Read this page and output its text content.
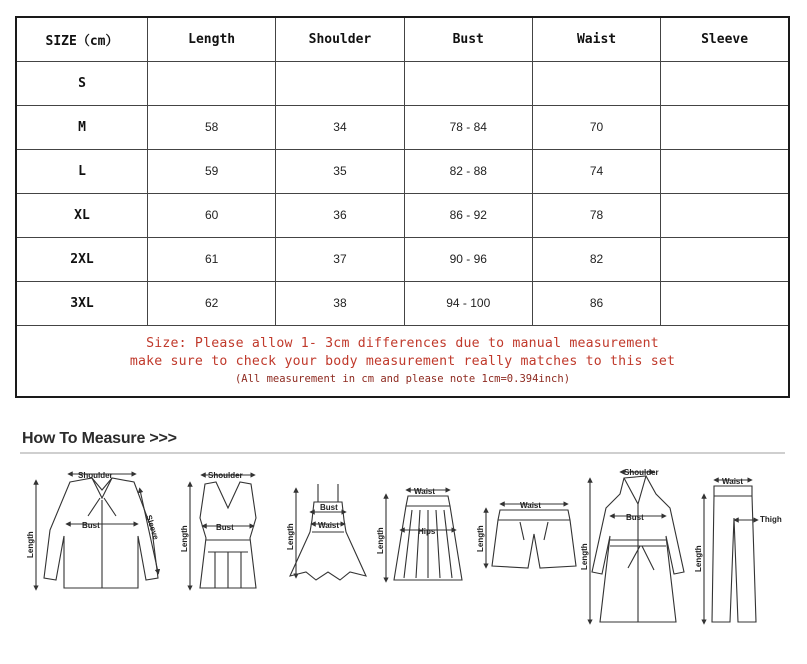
SIZE（cm）	Length	Shoulder	Bust	Waist	Sleeve
S					
M	58	34	78 - 84	70	
L	59	35	82 - 88	74	
XL	60	36	86 - 92	78	
2XL	61	37	90 - 96	82	
3XL	62	38	94 - 100	86	

Size: Please allow 1- 3cm differences due to manual measurement
make sure to check your body measurement really matches to this set
(All measurement in cm and please note 1cm=0.394inch)					
How To Measure >>>
Shoulder
Bust
Length
Sleeve
Shoulder
Bust
Length
Bust
Waist
Length
Waist
Hips
Length
Waist
Length
Shoulder
Bust
Length
Waist
Thigh
Length
